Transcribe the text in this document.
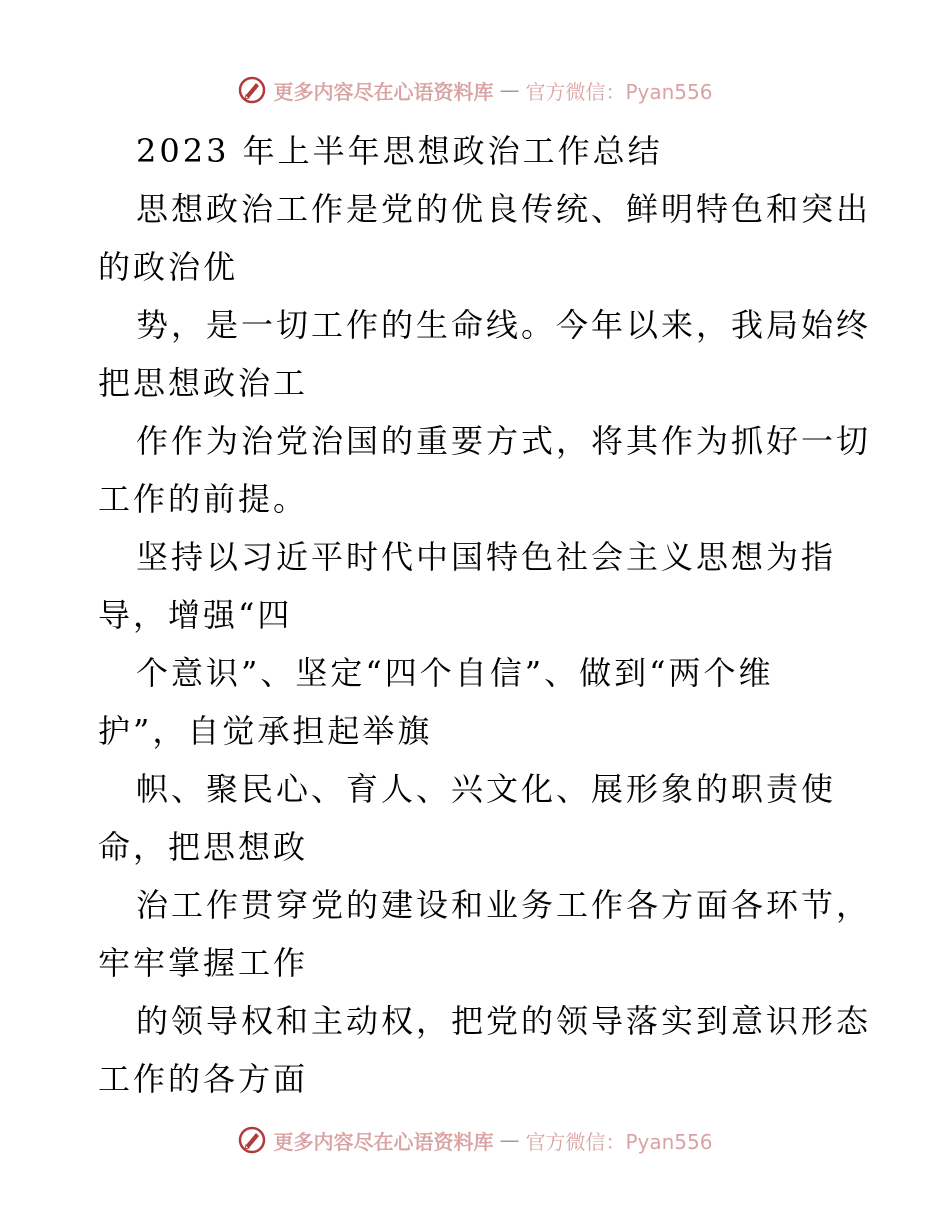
更多内容尽在心语资料库 — 官方微信：Pyan556
2023 年上半年思想政治工作总结
思想政治工作是党的优良传统、鲜明特色和突出
的政治优
势，是一切工作的生命线。今年以来，我局始终
把思想政治工
作作为治党治国的重要方式，将其作为抓好一切
工作的前提。
坚持以习近平时代中国特色社会主义思想为指
导，增强“四
个意识”、坚定“四个自信”、做到“两个维
护”，自觉承担起举旗
帜、聚民心、育人、兴文化、展形象的职责使
命，把思想政
治工作贯穿党的建设和业务工作各方面各环节，
牢牢掌握工作
的领导权和主动权，把党的领导落实到意识形态
工作的各方面
更多内容尽在心语资料库 — 官方微信：Pyan556
